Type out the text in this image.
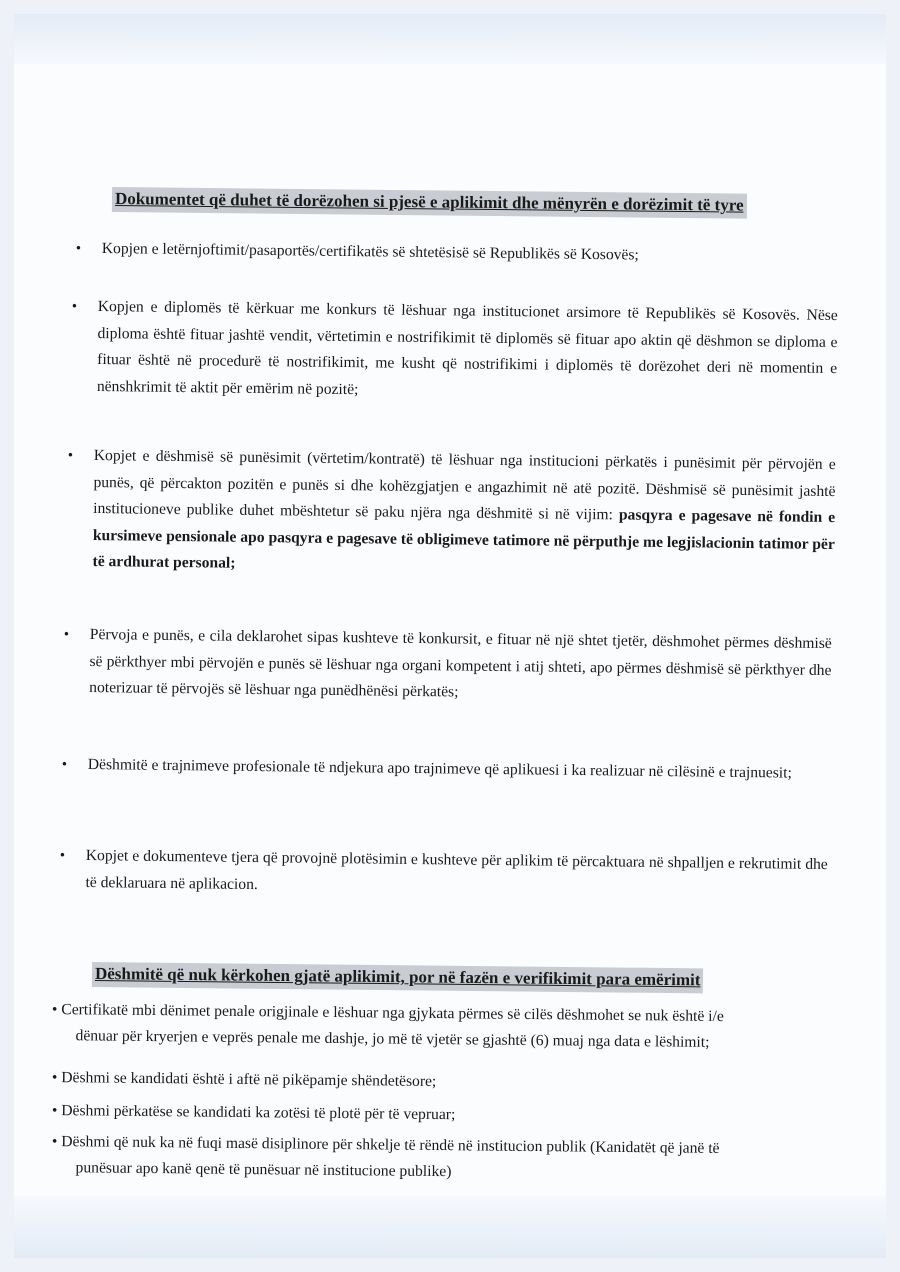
Dokumentet që duhet të dorëzohen si pjesë e aplikimit dhe mënyrën e dorëzimit të tyre

• Kopjen e letërnjoftimit/pasaportës/certifikatës së shtetësisë së Republikës së Kosovës;

• Kopjen e diplomës të kërkuar me konkurs të lëshuar nga institucionet arsimore të Republikës së Kosovës. Nëse diploma është fituar jashtë vendit, vërtetimin e nostrifikimit të diplomës së fituar apo aktin që dëshmon se diploma e fituar është në procedurë të nostrifikimit, me kusht që nostrifikimi i diplomës të dorëzohet deri në momentin e nënshkrimit të aktit për emërim në pozitë;

• Kopjet e dëshmisë së punësimit (vërtetim/kontratë) të lëshuar nga institucioni përkatës i punësimit për përvojën e punës, që përcakton pozitën e punës si dhe kohëzgjatjen e angazhimit në atë pozitë. Dëshmisë së punësimit jashtë institucioneve publike duhet mbështetur së paku njëra nga dëshmitë si në vijim: pasqyra e pagesave në fondin e kursimeve pensionale apo pasqyra e pagesave të obligimeve tatimore në përputhje me legjislacionin tatimor për të ardhurat personal;

• Përvoja e punës, e cila deklarohet sipas kushteve të konkursit, e fituar në një shtet tjetër, dëshmohet përmes dëshmisë së përkthyer mbi përvojën e punës së lëshuar nga organi kompetent i atij shteti, apo përmes dëshmisë së përkthyer dhe noterizuar të përvojës së lëshuar nga punëdhënësi përkatës;

• Dëshmitë e trajnimeve profesionale të ndjekura apo trajnimeve që aplikuesi i ka realizuar në cilësinë e trajnuesit;

• Kopjet e dokumenteve tjera që provojnë plotësimin e kushteve për aplikim të përcaktuara në shpalljen e rekrutimit dhe të deklaruara në aplikacion.

Dëshmitë që nuk kërkohen gjatë aplikimit, por në fazën e verifikimit para emërimit
• Certifikatë mbi dënimet penale origjinale e lëshuar nga gjykata përmes së cilës dëshmohet se nuk është i/e
dënuar për kryerjen e veprës penale me dashje, jo më të vjetër se gjashtë (6) muaj nga data e lëshimit;
• Dëshmi se kandidati është i aftë në pikëpamje shëndetësore;
• Dëshmi përkatëse se kandidati ka zotësi të plotë për të vepruar;
• Dëshmi që nuk ka në fuqi masë disiplinore për shkelje të rëndë në institucion publik (Kanidatët që janë të
punësuar apo kanë qenë të punësuar në institucione publike)
